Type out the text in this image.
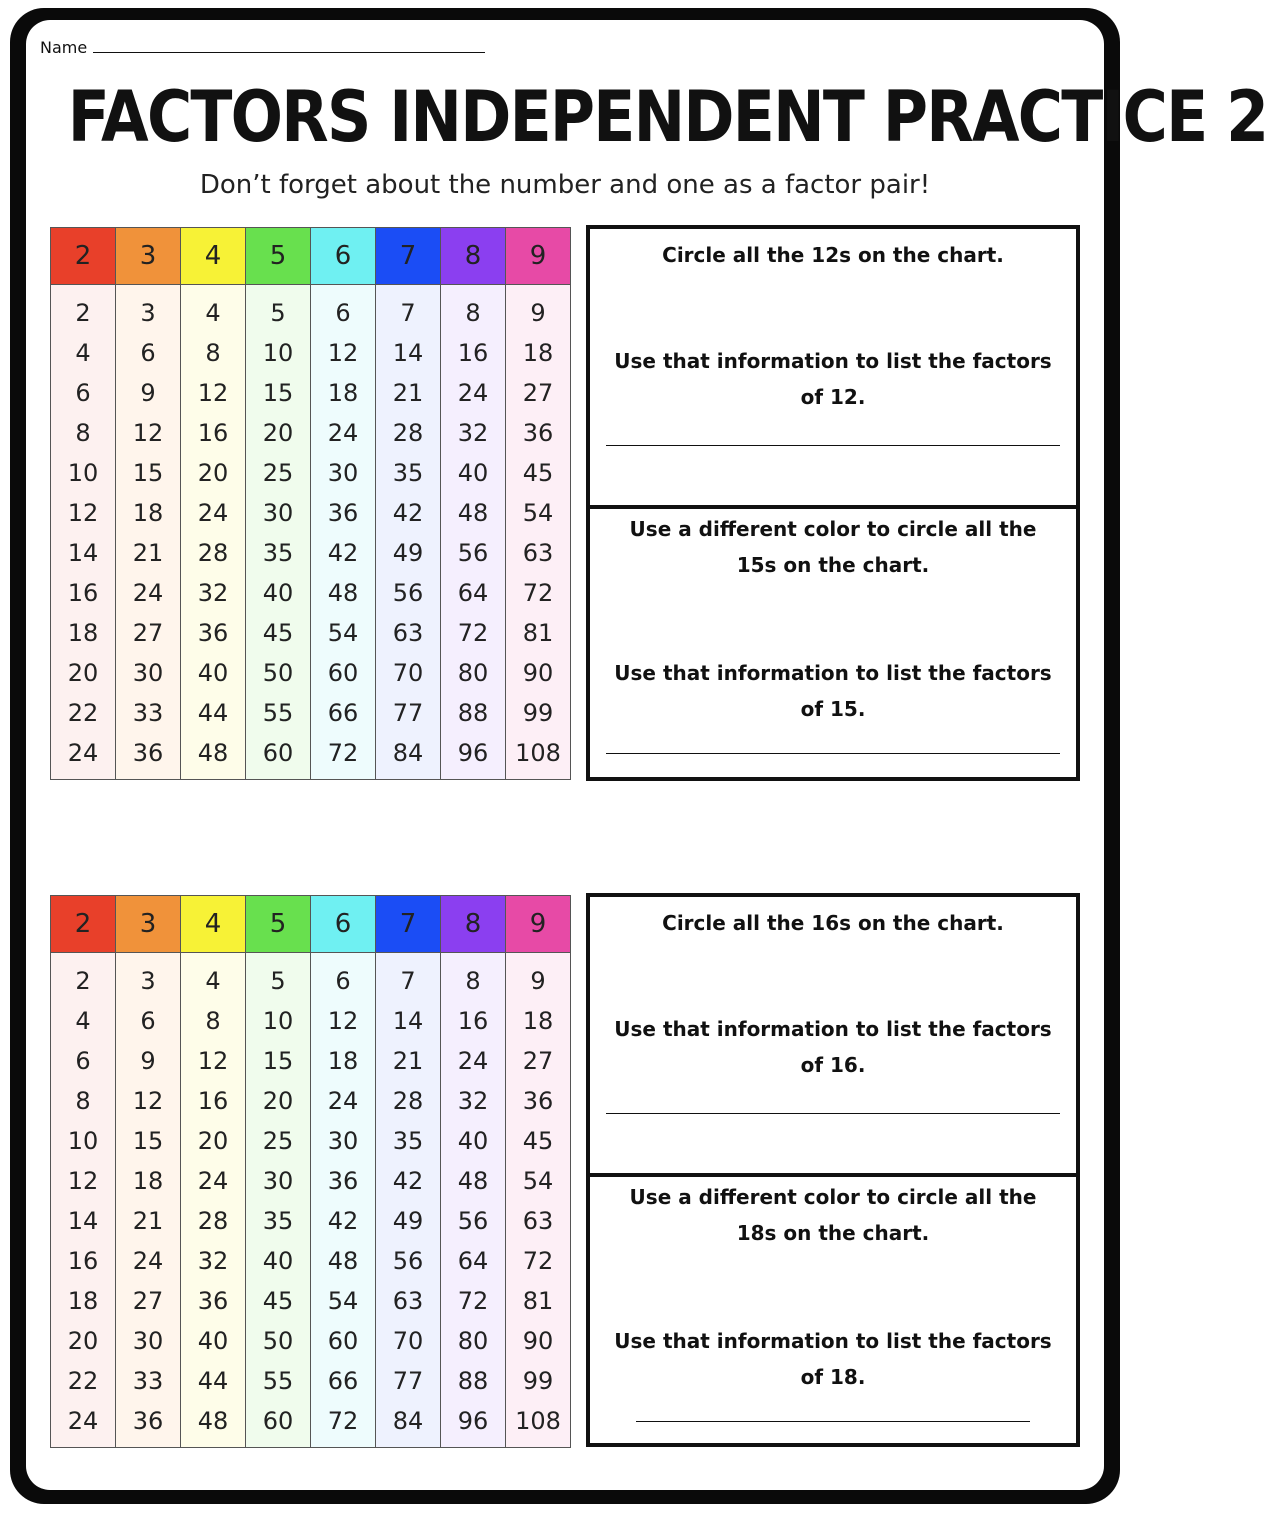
Name
FACTORS INDEPENDENT PRACTICE 2
Don’t forget about the number and one as a factor pair!
2	3	4	5	6	7	8	9
2	3	4	5	6	7	8	9
4	6	8	10	12	14	16	18
6	9	12	15	18	21	24	27
8	12	16	20	24	28	32	36
10	15	20	25	30	35	40	45
12	18	24	30	36	42	48	54
14	21	28	35	42	49	56	63
16	24	32	40	48	56	64	72
18	27	36	45	54	63	72	81
20	30	40	50	60	70	80	90
22	33	44	55	66	77	88	99
24	36	48	60	72	84	96	108
Circle all the 12s on the chart.
Use that information to list the factors of 12.
Use a different color to circle all the 15s on the chart.
Use that information to list the factors of 15.
2	3	4	5	6	7	8	9
2	3	4	5	6	7	8	9
4	6	8	10	12	14	16	18
6	9	12	15	18	21	24	27
8	12	16	20	24	28	32	36
10	15	20	25	30	35	40	45
12	18	24	30	36	42	48	54
14	21	28	35	42	49	56	63
16	24	32	40	48	56	64	72
18	27	36	45	54	63	72	81
20	30	40	50	60	70	80	90
22	33	44	55	66	77	88	99
24	36	48	60	72	84	96	108
Circle all the 16s on the chart.
Use that information to list the factors of 16.
Use a different color to circle all the 18s on the chart.
Use that information to list the factors of 18.
